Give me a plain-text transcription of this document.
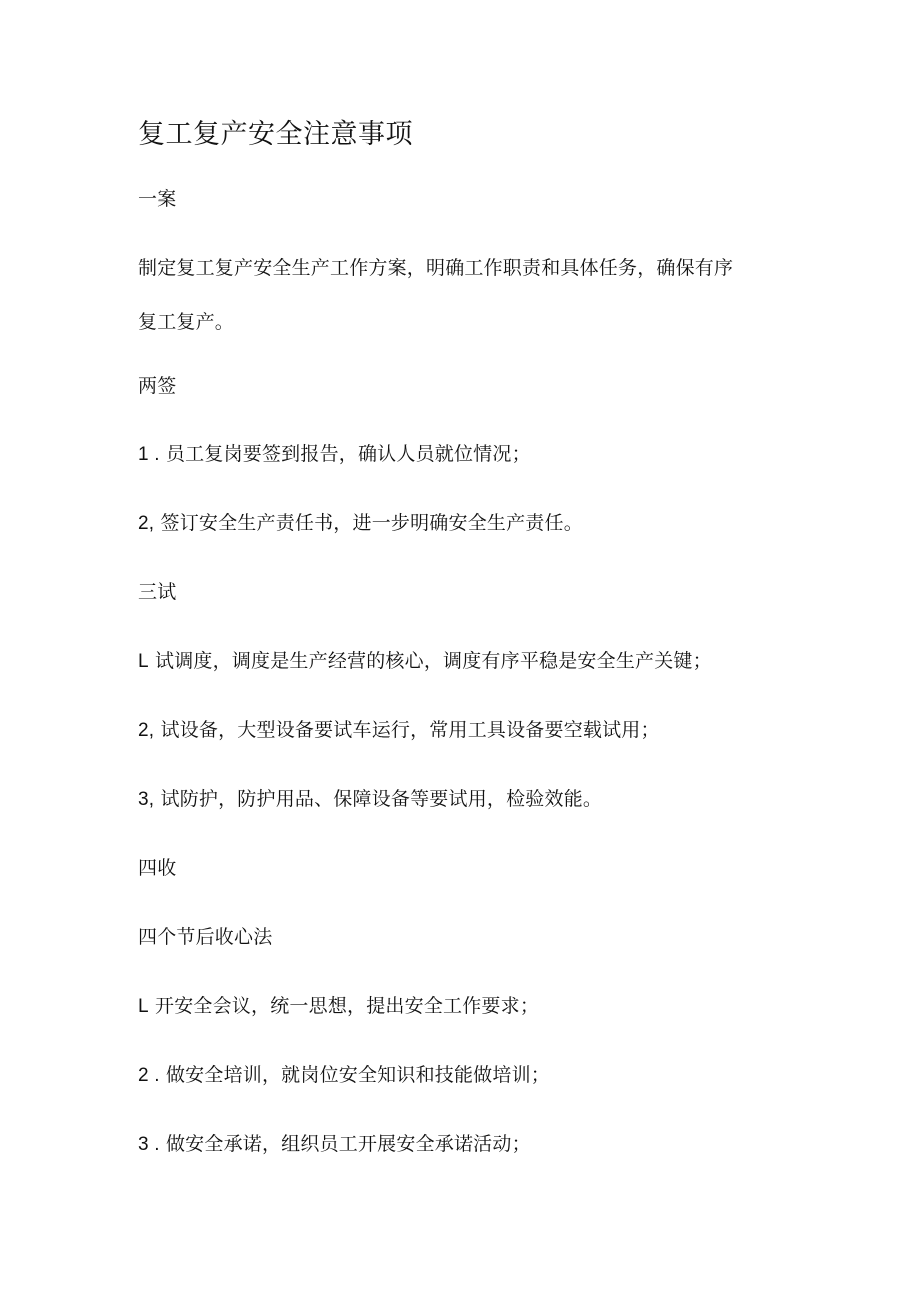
复工复产安全注意事项
一案
制定复工复产安全生产工作方案，明确工作职责和具体任务，确保有序
复工复产。
两签
1 . 员工复岗要签到报告，确认人员就位情况；
2, 签订安全生产责任书，进一步明确安全生产责任。
三试
L 试调度，调度是生产经营的核心，调度有序平稳是安全生产关键；
2, 试设备，大型设备要试车运行，常用工具设备要空载试用；
3, 试防护，防护用品、保障设备等要试用，检验效能。
四收
四个节后收心法
L 开安全会议，统一思想，提出安全工作要求；
2 . 做安全培训，就岗位安全知识和技能做培训；
3 . 做安全承诺，组织员工开展安全承诺活动；
